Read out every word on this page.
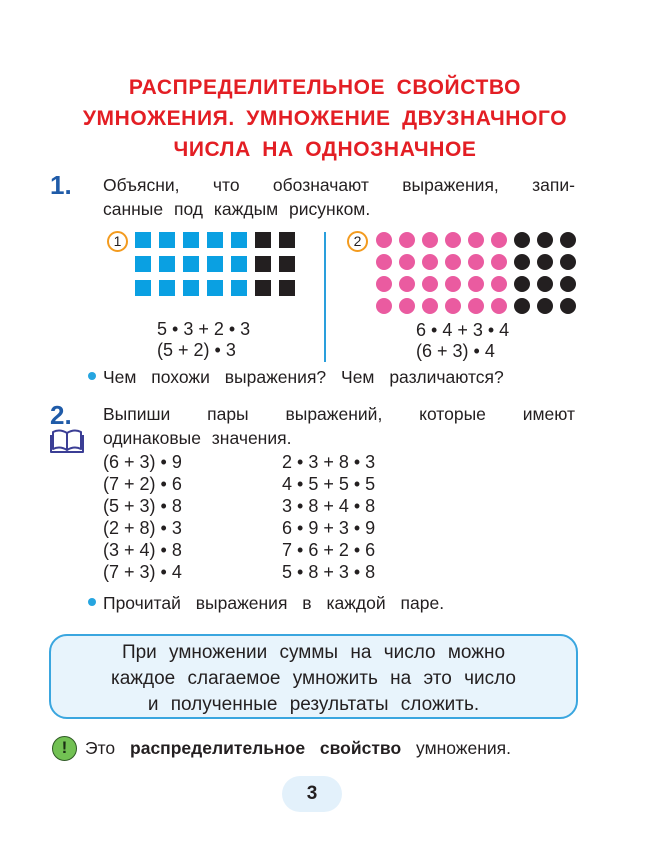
РАСПРЕДЕЛИТЕЛЬНОЕ СВОЙСТВО
УМНОЖЕНИЯ. УМНОЖЕНИЕ ДВУЗНАЧНОГО
ЧИСЛА НА ОДНОЗНАЧНОЕ
1. Объясни, что обозначают выражения, запи-
санные под каждым рисунком.
1
5 • 3 + 2 • 3
(5 + 2) • 3
2
6 • 4 + 3 • 4
(6 + 3) • 4
Чем похожи выражения? Чем различаются?
2. Выпиши пары выражений, которые имеют
одинаковые значения.
(6 + 3) • 9
(7 + 2) • 6
(5 + 3) • 8
(2 + 8) • 3
(3 + 4) • 8
(7 + 3) • 4
2 • 3 + 8 • 3
4 • 5 + 5 • 5
3 • 8 + 4 • 8
6 • 9 + 3 • 9
7 • 6 + 2 • 6
5 • 8 + 3 • 8
Прочитай выражения в каждой паре.
При умножении суммы на число можно
каждое слагаемое умножить на это число
и полученные результаты сложить.
!	Это распределительное свойство умножения.
3
